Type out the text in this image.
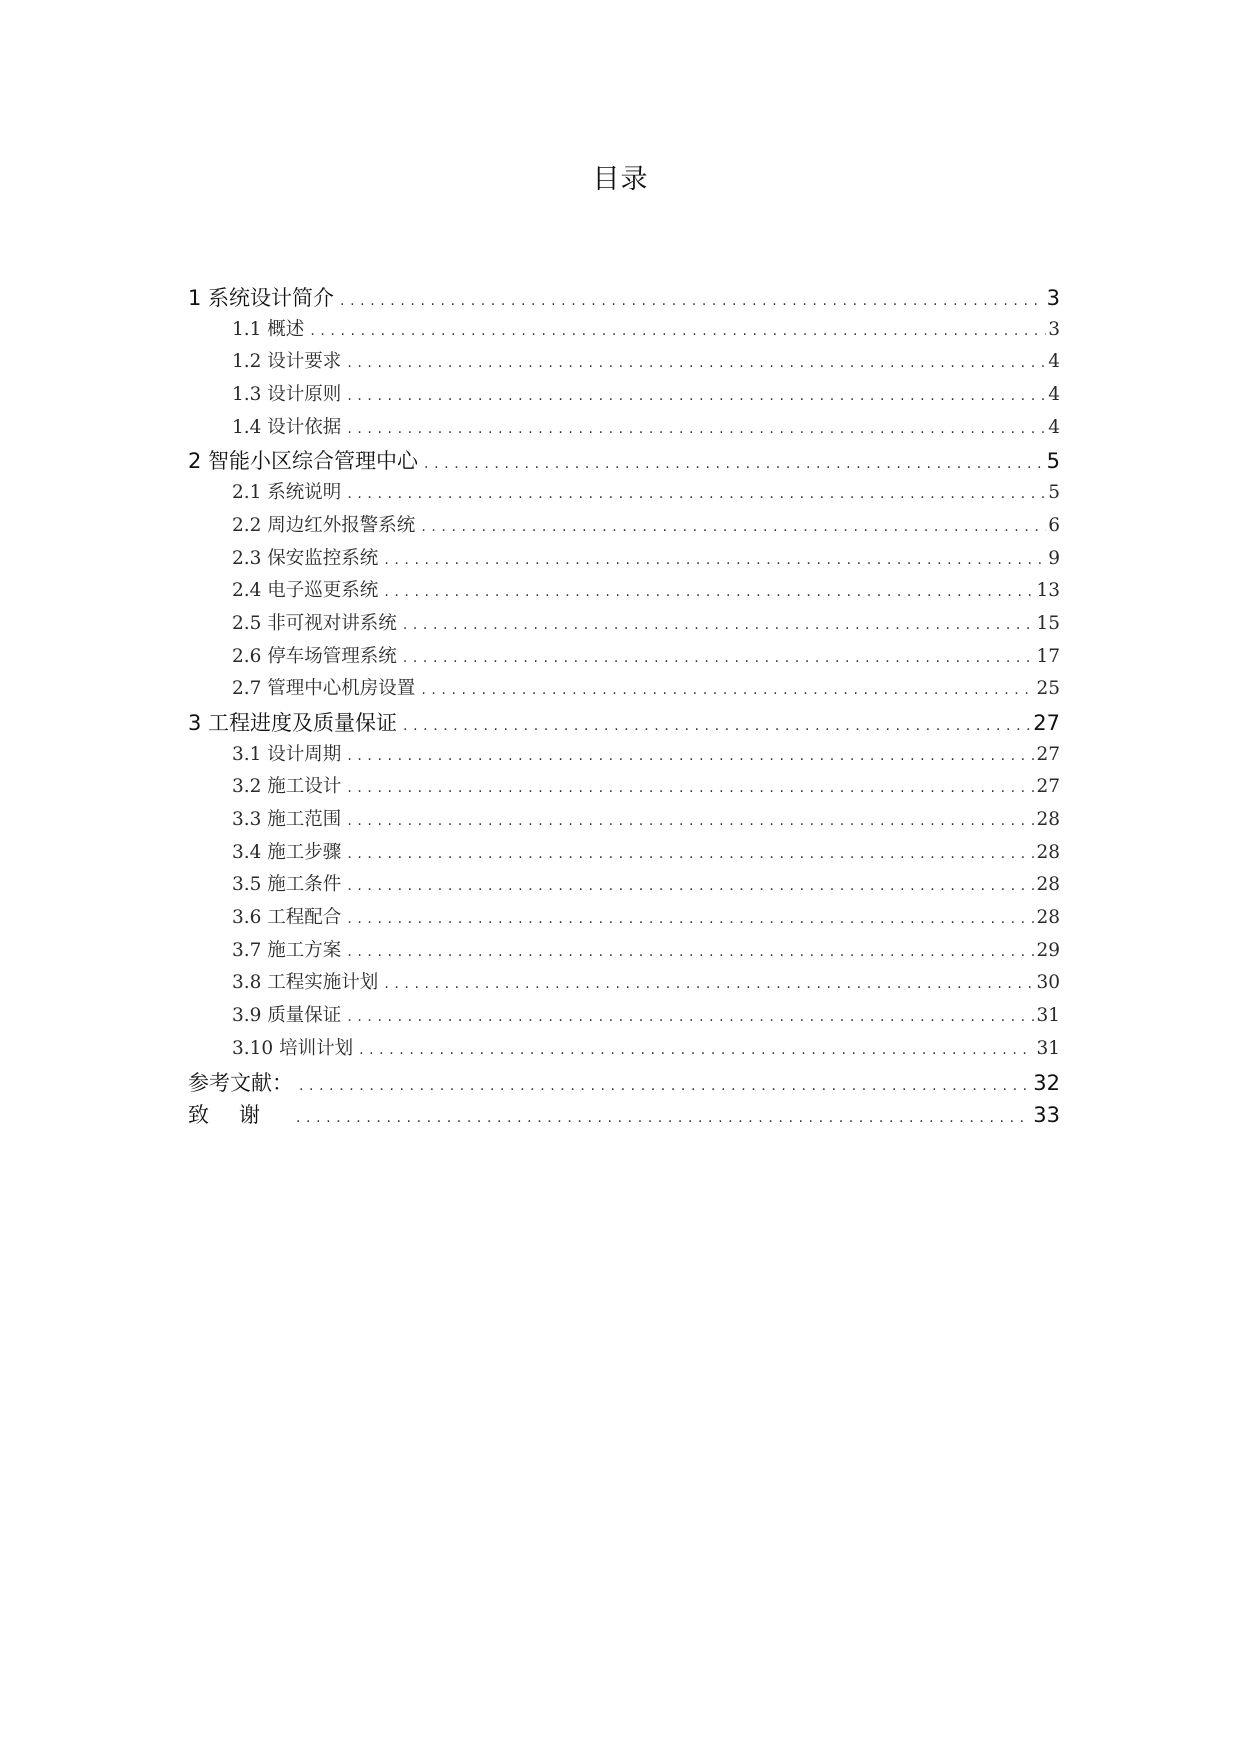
目录
1 系统设计简介 .....	3
1.1 概述 .....	3
1.2 设计要求 .....	4
1.3 设计原则 .....	4
1.4 设计依据 .....	4
2 智能小区综合管理中心 .....	5
2.1 系统说明 .....	5
2.2 周边红外报警系统 .....	6
2.3 保安监控系统 .....	9
2.4 电子巡更系统 .....	13
2.5 非可视对讲系统 .....	15
2.6 停车场管理系统 .....	17
2.7 管理中心机房设置 .....	25
3 工程进度及质量保证 .....	27
3.1 设计周期 .....	27
3.2 施工设计 .....	27
3.3 施工范围 .....	28
3.4 施工步骤 .....	28
3.5 施工条件 .....	28
3.6 工程配合 .....	28
3.7 施工方案 .....	29
3.8 工程实施计划 .....	30
3.9 质量保证 .....	31
3.10 培训计划 .....	31
参考文献： .....	32
致谢 .....	33
